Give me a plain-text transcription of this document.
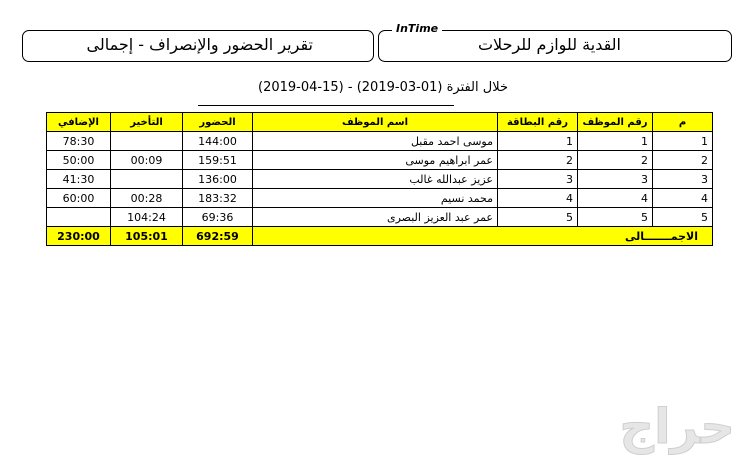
القدية للوازم للرحلات
InTime
تقرير الحضور والإنصراف - إجمالى
خلال الفترة (01-03-2019) - (15-04-2019)
م	رقم الموظف	رقم البطاقة	اسم الموظف	الحضور	التأخير	الإضافي
1	1	1	موسى احمد مقبل	144:00		78:30
2	2	2	عمر ابراهيم موسى	159:51	00:09	50:00
3	3	3	عزيز عبدالله غالب	136:00		41:30
4	4	4	محمد نسيم	183:32	00:28	60:00
5	5	5	عمر عبد العزيز البصرى	69:36	104:24	
الاجمـــــــالى				692:59	105:01	230:00
حراج
